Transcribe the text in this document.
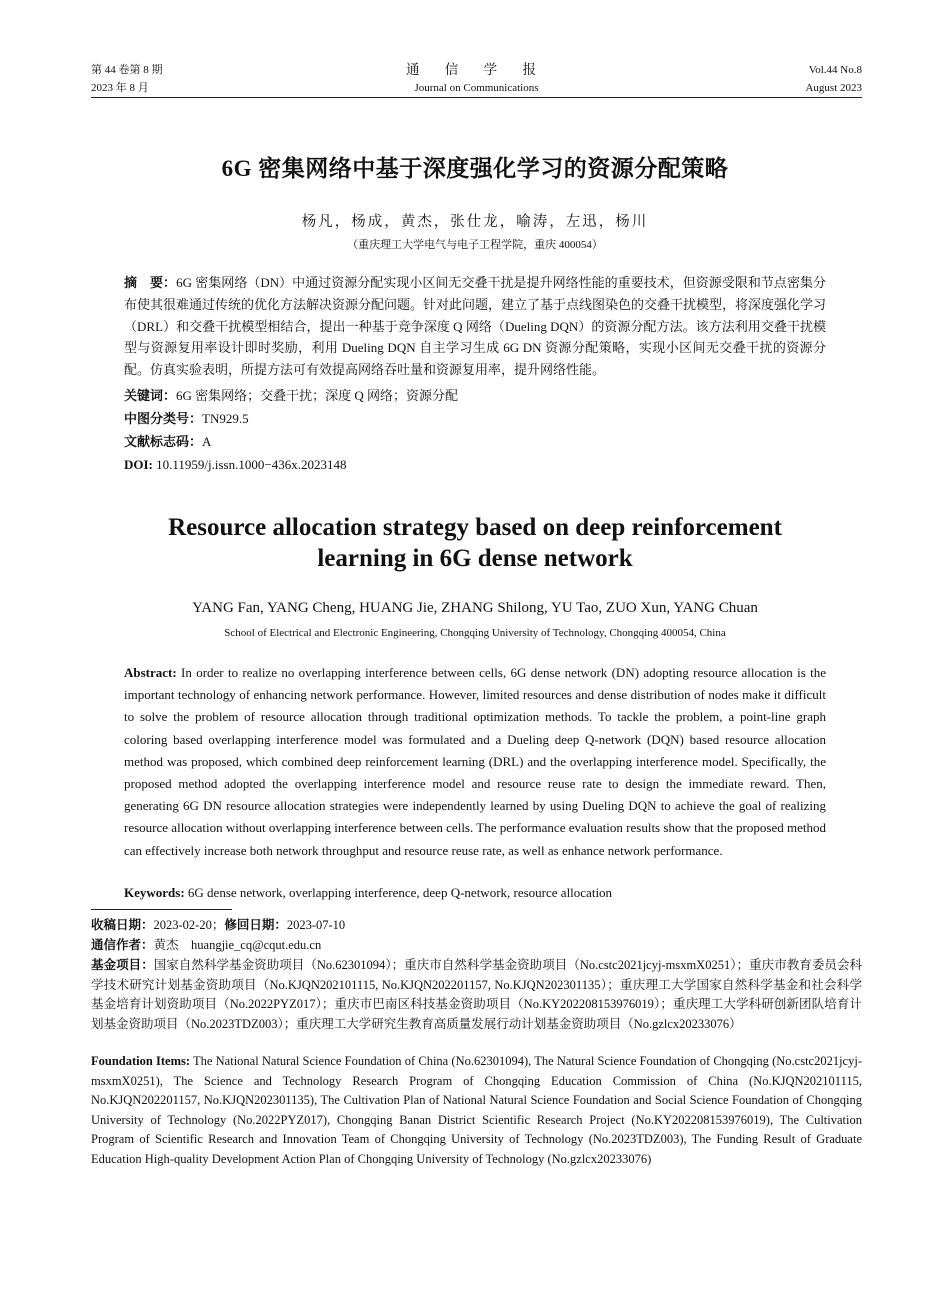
第 44 卷第 8 期	通 信 学 报	Vol.44 No.8
2023 年 8 月	Journal on Communications	August 2023
6G 密集网络中基于深度强化学习的资源分配策略
杨凡，杨成，黄杰，张仕龙，喻涛，左迅，杨川
（重庆理工大学电气与电子工程学院，重庆 400054）
摘　要：6G 密集网络（DN）中通过资源分配实现小区间无交叠干扰是提升网络性能的重要技术，但资源受限和节点密集分布使其很难通过传统的优化方法解决资源分配问题。针对此问题，建立了基于点线图染色的交叠干扰模型，将深度强化学习（DRL）和交叠干扰模型相结合，提出一种基于竞争深度 Q 网络（Dueling DQN）的资源分配方法。该方法利用交叠干扰模型与资源复用率设计即时奖励，利用 Dueling DQN 自主学习生成 6G DN 资源分配策略，实现小区间无交叠干扰的资源分配。仿真实验表明，所提方法可有效提高网络吞吐量和资源复用率，提升网络性能。
关键词：6G 密集网络；交叠干扰；深度 Q 网络；资源分配
中图分类号：TN929.5
文献标志码：A
DOI: 10.11959/j.issn.1000−436x.2023148
Resource allocation strategy based on deep reinforcement
learning in 6G dense network
YANG Fan, YANG Cheng, HUANG Jie, ZHANG Shilong, YU Tao, ZUO Xun, YANG Chuan
School of Electrical and Electronic Engineering, Chongqing University of Technology, Chongqing 400054, China
Abstract: In order to realize no overlapping interference between cells, 6G dense network (DN) adopting resource allocation is the important technology of enhancing network performance. However, limited resources and dense distribution of nodes make it difficult to solve the problem of resource allocation through traditional optimization methods. To tackle the problem, a point-line graph coloring based overlapping interference model was formulated and a Dueling deep Q-network (DQN) based resource allocation method was proposed, which combined deep reinforcement learning (DRL) and the overlapping interference model. Specifically, the proposed method adopted the overlapping interference model and resource reuse rate to design the immediate reward. Then, generating 6G DN resource allocation strategies were independently learned by using Dueling DQN to achieve the goal of realizing resource allocation without overlapping interference between cells. The performance evaluation results show that the proposed method can effectively increase both network throughput and resource reuse rate, as well as enhance network performance.
Keywords: 6G dense network, overlapping interference, deep Q-network, resource allocation
收稿日期：2023-02-20；修回日期：2023-07-10
通信作者：黄杰　huangjie_cq@cqut.edu.cn
基金项目：国家自然科学基金资助项目（No.62301094）；重庆市自然科学基金资助项目（No.cstc2021jcyj-msxmX0251）；重庆市教育委员会科学技术研究计划基金资助项目（No.KJQN202101115, No.KJQN202201157, No.KJQN202301135）；重庆理工大学国家自然科学基金和社会科学基金培育计划资助项目（No.2022PYZ017）；重庆市巴南区科技基金资助项目（No.KY202208153976019）；重庆理工大学科研创新团队培育计划基金资助项目（No.2023TDZ003）；重庆理工大学研究生教育高质量发展行动计划基金资助项目（No.gzlcx20233076）
Foundation Items: The National Natural Science Foundation of China (No.62301094), The Natural Science Foundation of Chongqing (No.cstc2021jcyj-msxmX0251), The Science and Technology Research Program of Chongqing Education Commission of China (No.KJQN202101115, No.KJQN202201157, No.KJQN202301135), The Cultivation Plan of National Natural Science Foundation and Social Science Foundation of Chongqing University of Technology (No.2022PYZ017), Chongqing Banan District Scientific Research Project (No.KY202208153976019), The Cultivation Program of Scientific Research and Innovation Team of Chongqing University of Technology (No.2023TDZ003), The Funding Result of Graduate Education High-quality Development Action Plan of Chongqing University of Technology (No.gzlcx20233076)
